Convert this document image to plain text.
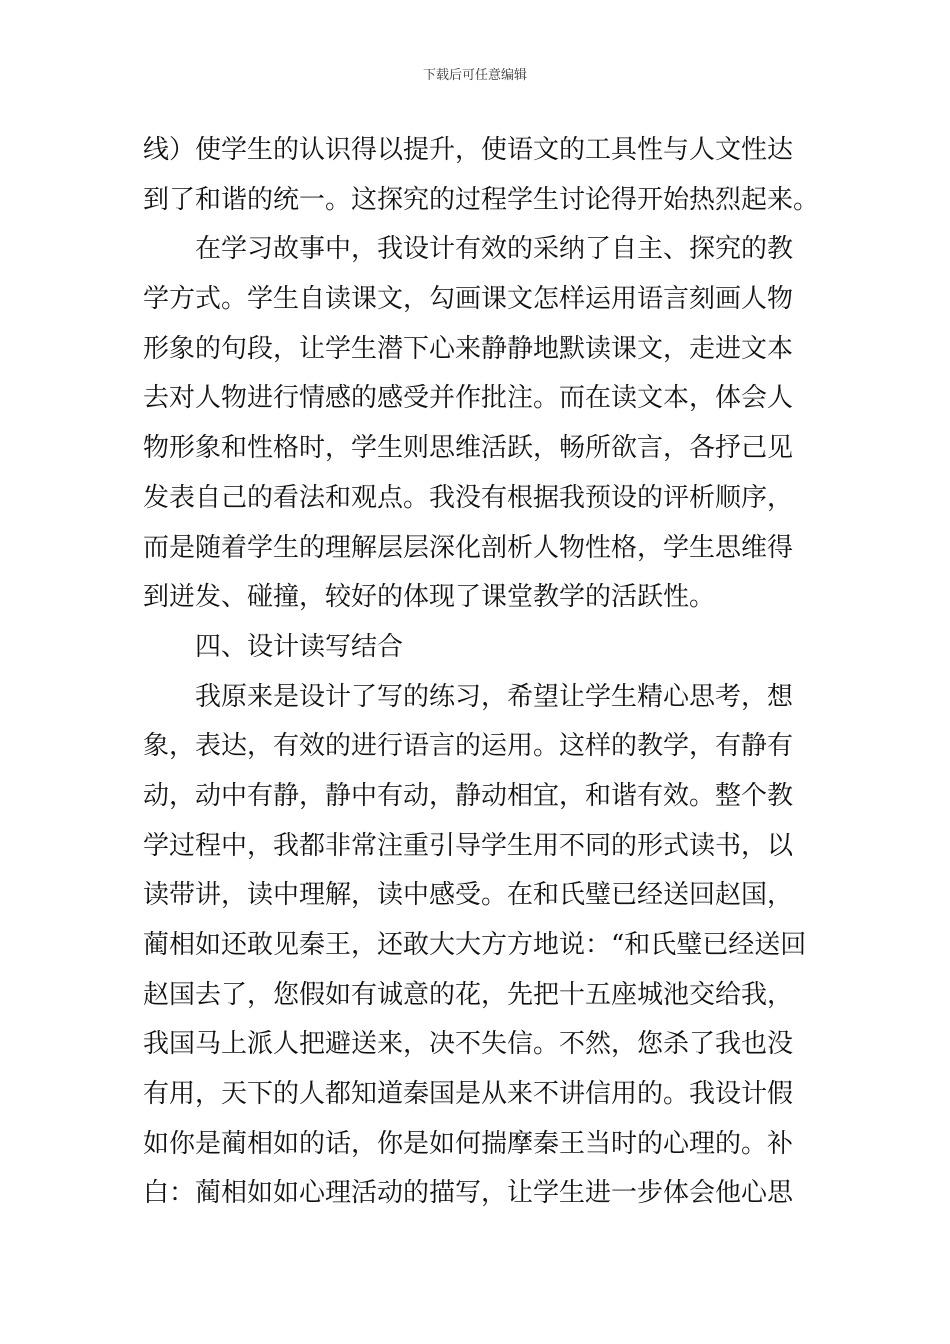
下载后可任意编辑
线）使学生的认识得以提升，使语文的工具性与人文性达
到了和谐的统一。这探究的过程学生讨论得开始热烈起来。
在学习故事中，我设计有效的采纳了自主、探究的教
学方式。学生自读课文，勾画课文怎样运用语言刻画人物
形象的句段，让学生潜下心来静静地默读课文，走进文本
去对人物进行情感的感受并作批注。而在读文本，体会人
物形象和性格时，学生则思维活跃，畅所欲言，各抒己见
发表自己的看法和观点。我没有根据我预设的评析顺序，
而是随着学生的理解层层深化剖析人物性格，学生思维得
到迸发、碰撞，较好的体现了课堂教学的活跃性。
四、设计读写结合
我原来是设计了写的练习，希望让学生精心思考，想
象，表达，有效的进行语言的运用。这样的教学，有静有
动，动中有静，静中有动，静动相宜，和谐有效。整个教
学过程中，我都非常注重引导学生用不同的形式读书，以
读带讲，读中理解，读中感受。在和氏璧已经送回赵国，
蔺相如还敢见秦王，还敢大大方方地说：“和氏璧已经送回
赵国去了，您假如有诚意的花，先把十五座城池交给我，
我国马上派人把避送来，决不失信。不然，您杀了我也没
有用，天下的人都知道秦国是从来不讲信用的。我设计假
如你是蔺相如的话，你是如何揣摩秦王当时的心理的。补
白：蔺相如如心理活动的描写，让学生进一步体会他心思
